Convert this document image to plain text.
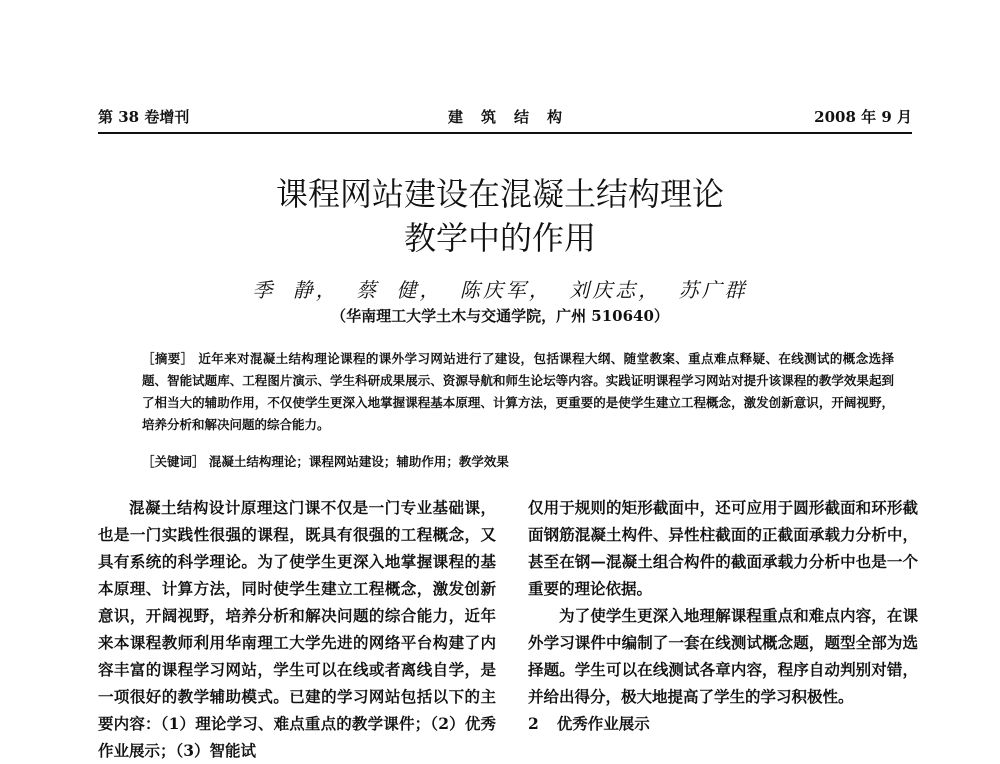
第 38 卷增刊	建筑结构	2008 年 9 月
课程网站建设在混凝土结构理论
教学中的作用
季 静， 蔡 健， 陈庆军， 刘庆志， 苏广群
（华南理工大学土木与交通学院，广州 510640）
［摘要］ 近年来对混凝土结构理论课程的课外学习网站进行了建设，包括课程大纲、随堂教案、重点难点释疑、在线测试的概念选择题、智能试题库、工程图片演示、学生科研成果展示、资源导航和师生论坛等内容。实践证明课程学习网站对提升该课程的教学效果起到了相当大的辅助作用，不仅使学生更深入地掌握课程基本原理、计算方法，更重要的是使学生建立工程概念，激发创新意识，开阔视野，培养分析和解决问题的综合能力。
［关键词］ 混凝土结构理论；课程网站建设；辅助作用；教学效果

混凝土结构设计原理这门课不仅是一门专业基础课，也是一门实践性很强的课程，既具有很强的工程概念，又具有系统的科学理论。为了使学生更深入地掌握课程的基本原理、计算方法，同时使学生建立工程概念，激发创新意识，开阔视野，培养分析和解决问题的综合能力，近年来本课程教师利用华南理工大学先进的网络平台构建了内容丰富的课程学习网站，学生可以在线或者离线自学，是一项很好的教学辅助模式。已建的学习网站包括以下的主要内容：（1）理论学习、难点重点的教学课件；（2）优秀作业展示；（3）智能试

仅用于规则的矩形截面中，还可应用于圆形截面和环形截面钢筋混凝土构件、异性柱截面的正截面承载力分析中，甚至在钢—混凝土组合构件的截面承载力分析中也是一个重要的理论依据。

为了使学生更深入地理解课程重点和难点内容，在课外学习课件中编制了一套在线测试概念题，题型全部为选择题。学生可以在线测试各章内容，程序自动判别对错，并给出得分，极大地提高了学生的学习积极性。

2 优秀作业展示
